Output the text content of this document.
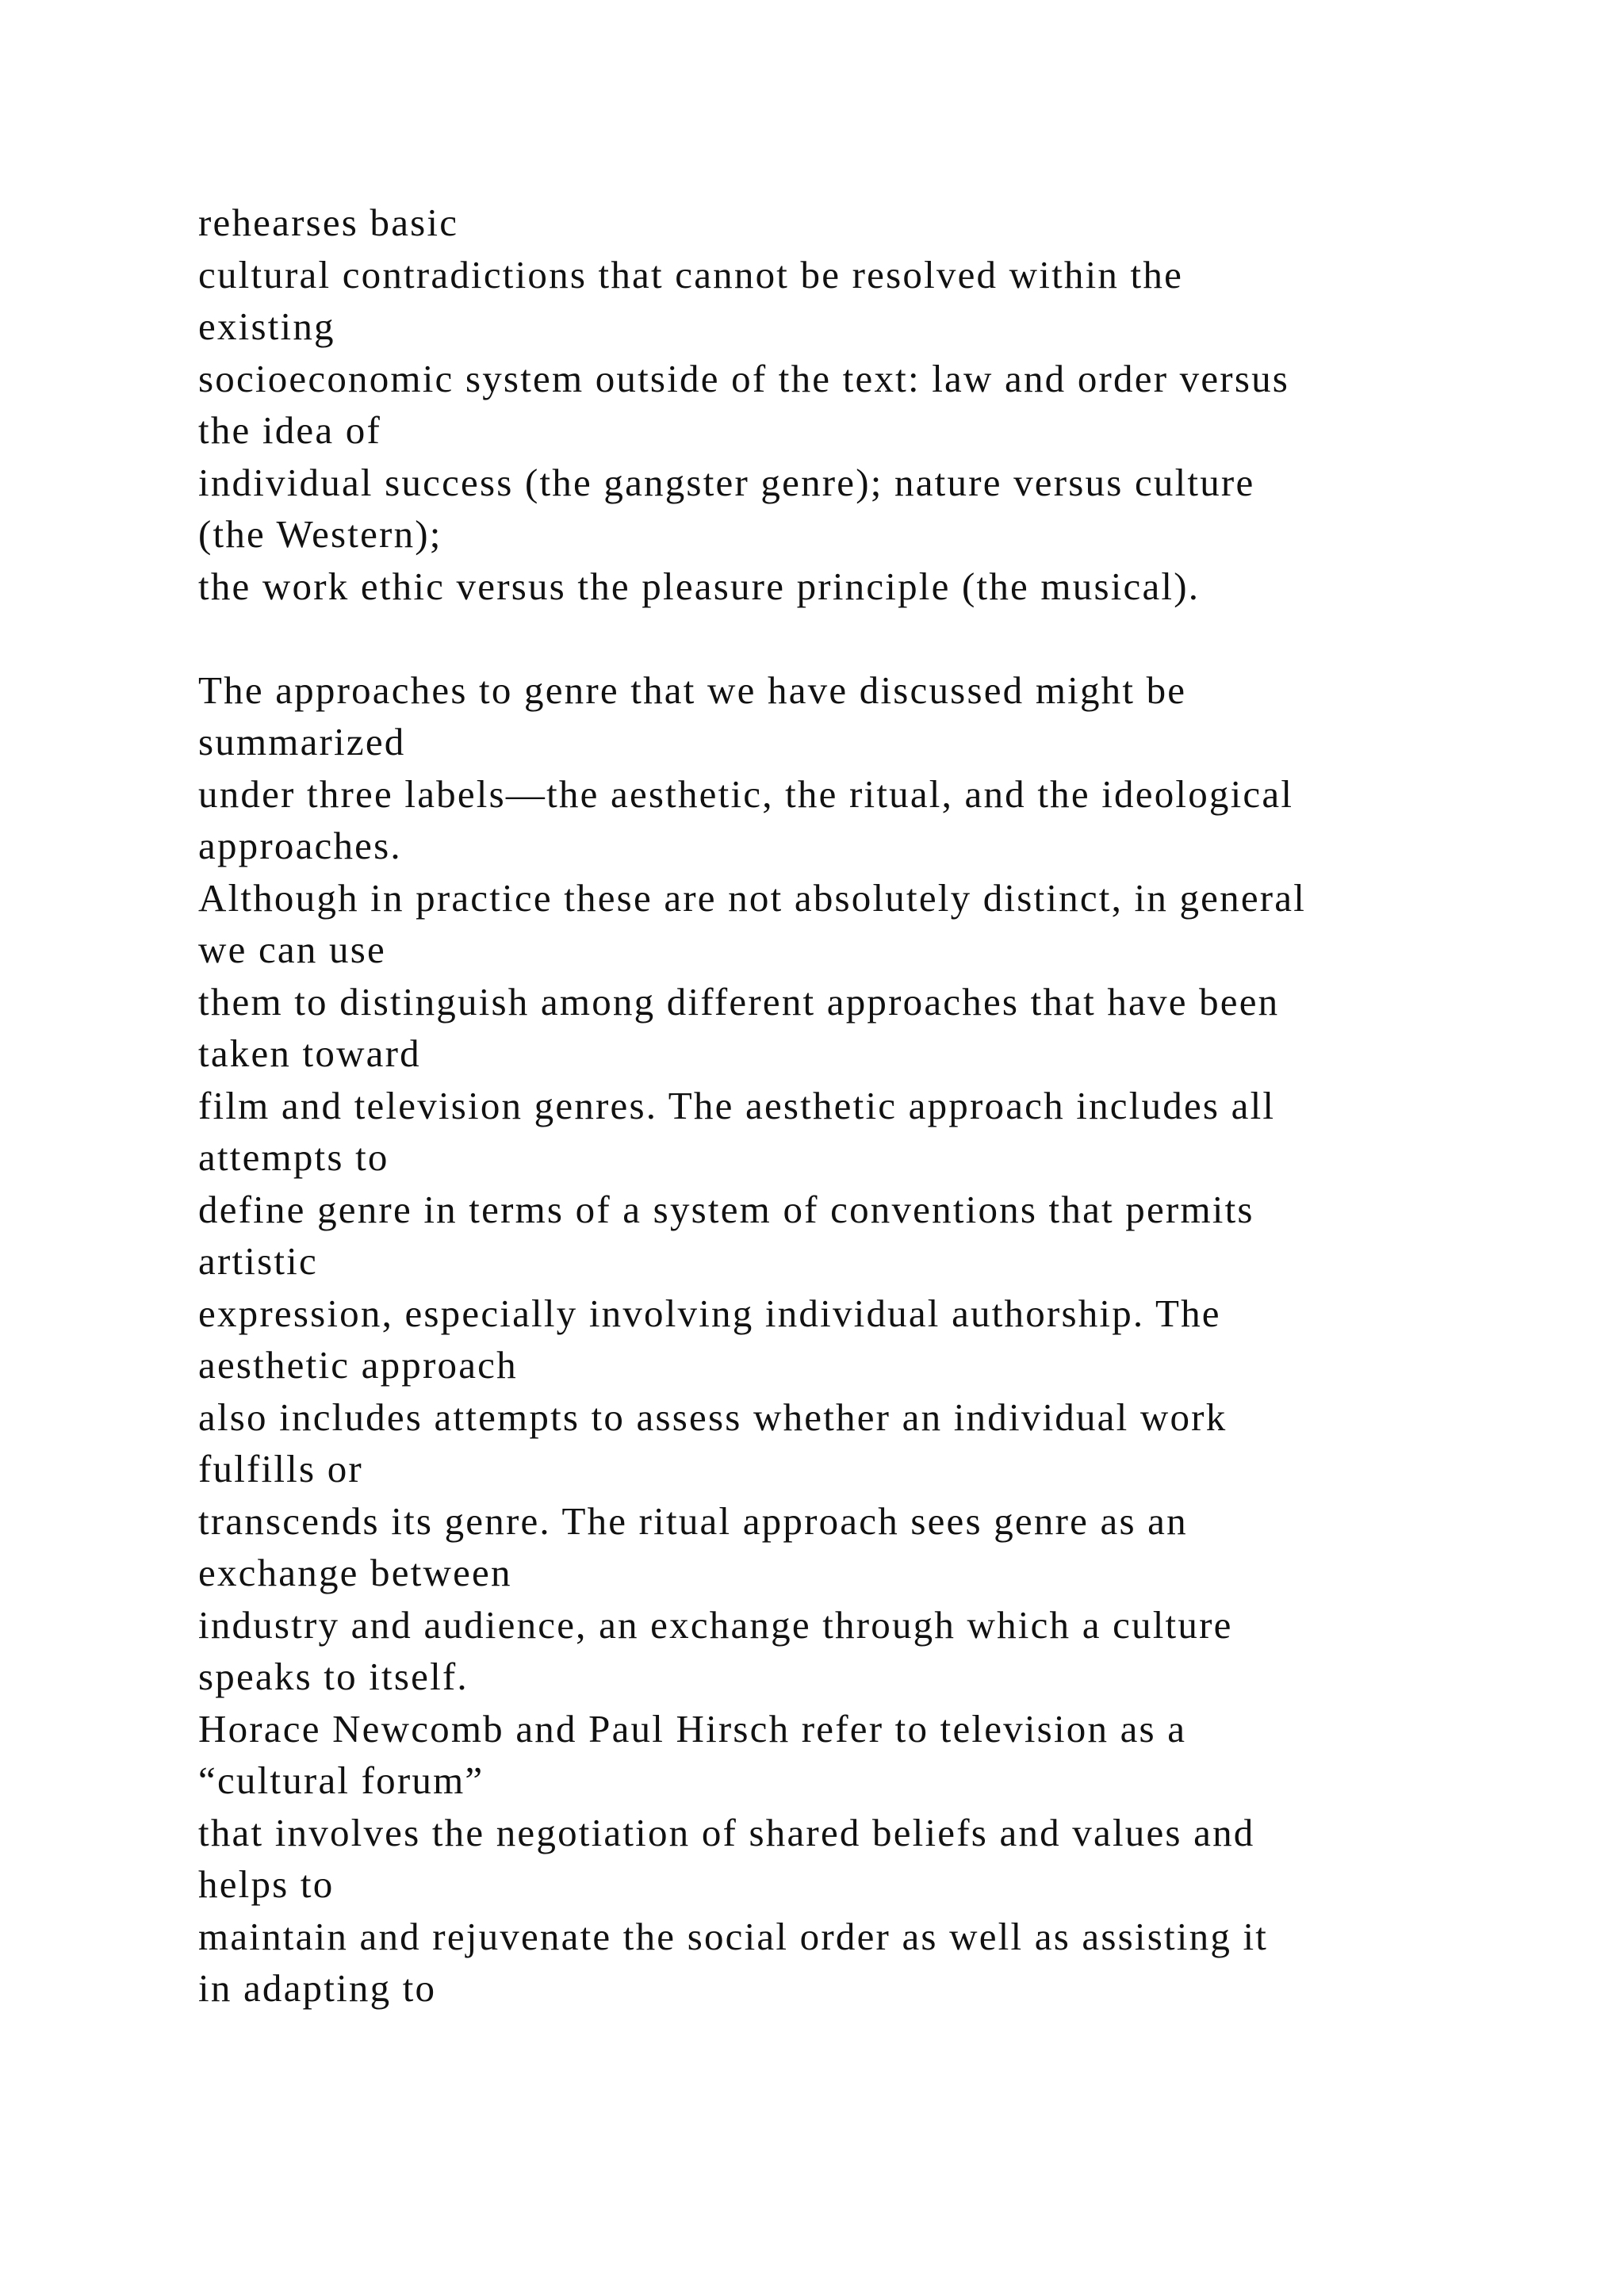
rehearses basic
cultural contradictions that cannot be resolved within the
existing
socioeconomic system outside of the text: law and order versus
the idea of
individual success (the gangster genre); nature versus culture
(the Western);
the work ethic versus the pleasure principle (the musical).
The approaches to genre that we have discussed might be
summarized
under three labels—the aesthetic, the ritual, and the ideological
approaches.
Although in practice these are not absolutely distinct, in general
we can use
them to distinguish among different approaches that have been
taken toward
film and television genres. The aesthetic approach includes all
attempts to
define genre in terms of a system of conventions that permits
artistic
expression, especially involving individual authorship. The
aesthetic approach
also includes attempts to assess whether an individual work
fulfills or
transcends its genre. The ritual approach sees genre as an
exchange between
industry and audience, an exchange through which a culture
speaks to itself.
Horace Newcomb and Paul Hirsch refer to television as a
“cultural forum”
that involves the negotiation of shared beliefs and values and
helps to
maintain and rejuvenate the social order as well as assisting it
in adapting to
